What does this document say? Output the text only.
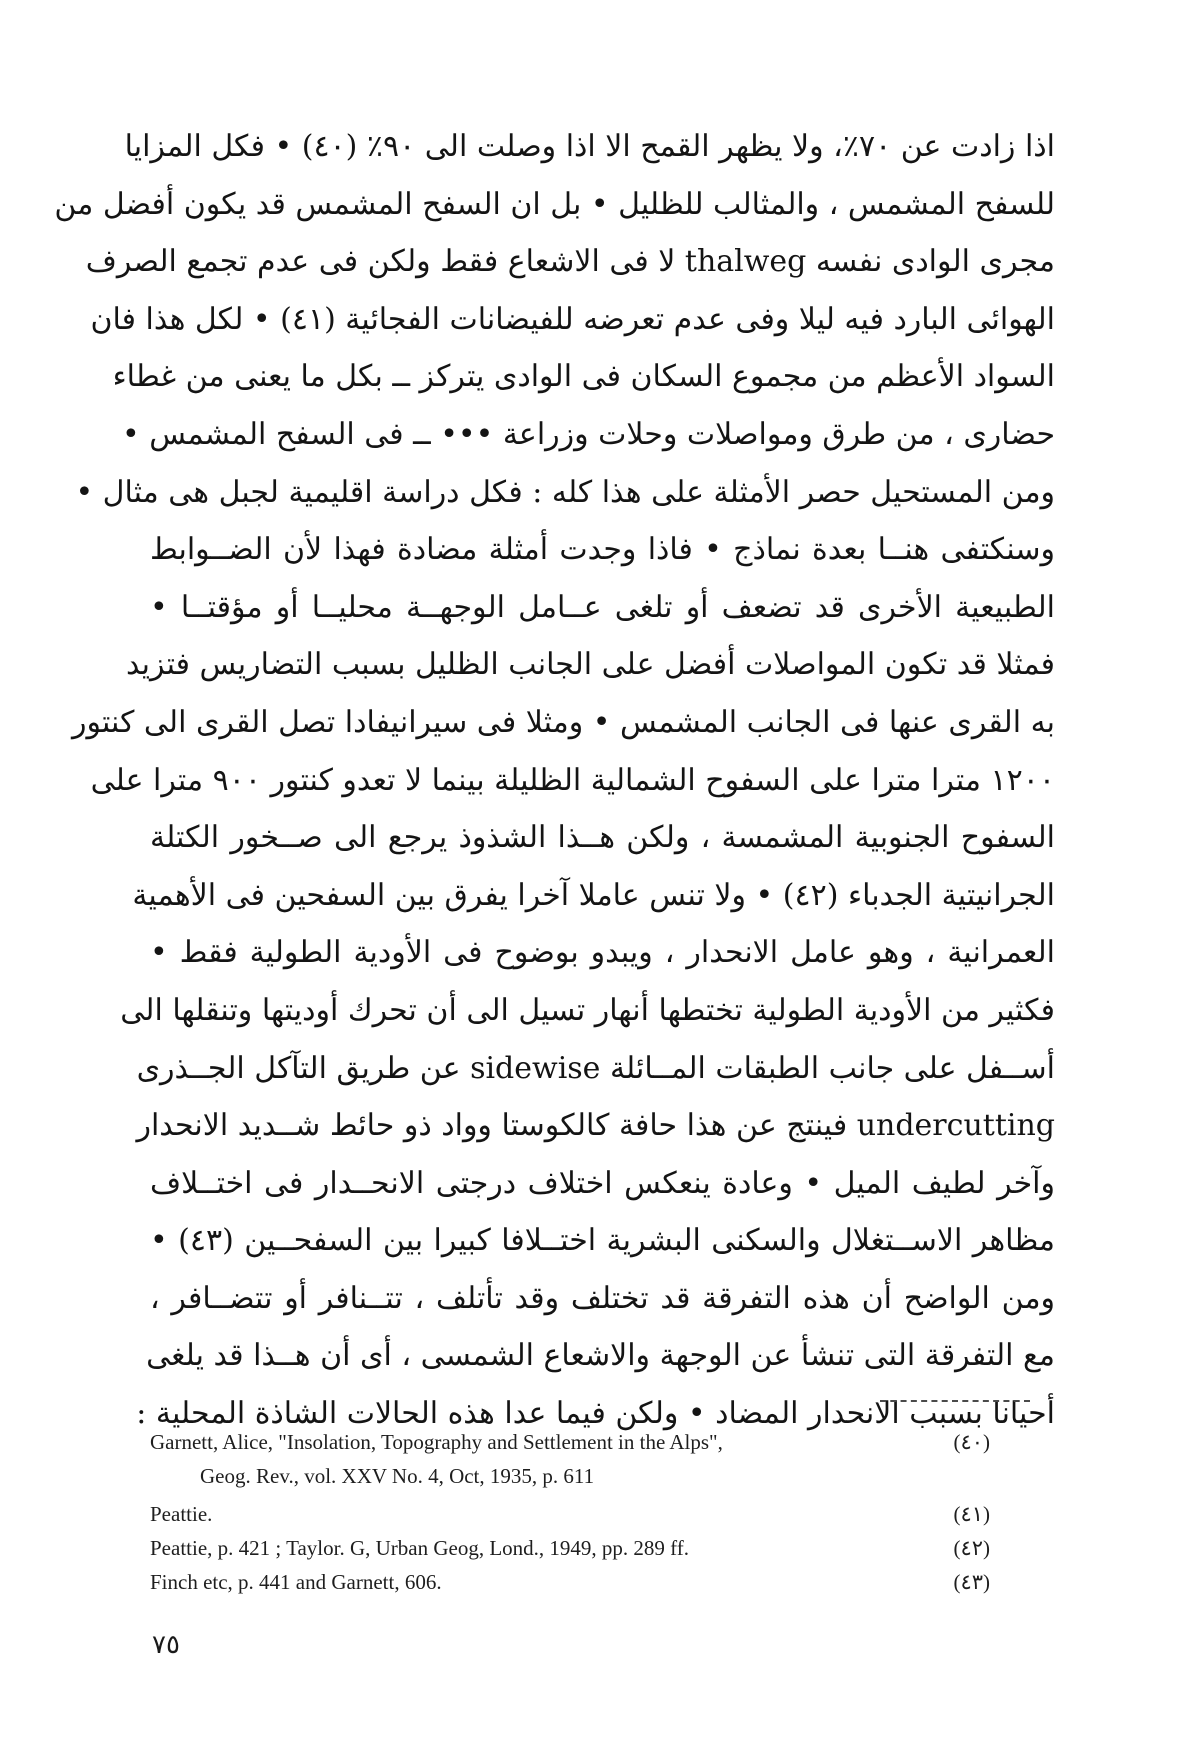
اذا زادت عن ٧٠٪، ولا يظهر القمح الا اذا وصلت الى ٩٠٪ (٤٠) • فكل المزايا
للسفح المشمس ، والمثالب للظليل • بل ان السفح المشمس قد يكون أفضل من
مجرى الوادى نفسه thalweg لا فى الاشعاع فقط ولكن فى عدم تجمع الصرف
الهوائى البارد فيه ليلا وفى عدم تعرضه للفيضانات الفجائية (٤١) • لكل هذا فان
السواد الأعظم من مجموع السكان فى الوادى يتركز ــ بكل ما يعنى من غطاء
حضارى ، من طرق ومواصلات وحلات وزراعة ••• ــ فى السفح المشمس •
ومن المستحيل حصر الأمثلة على هذا كله : فكل دراسة اقليمية لجبل هى مثال •
وسنكتفى هنــا بعدة نماذج • فاذا وجدت أمثلة مضادة فهذا لأن الضــوابط
الطبيعية الأخرى قد تضعف أو تلغى عــامل الوجهــة محليــا أو مؤقتــا •
فمثلا قد تكون المواصلات أفضل على الجانب الظليل بسبب التضاريس فتزيد
به القرى عنها فى الجانب المشمس • ومثلا فى سيرانيفادا تصل القرى الى كنتور
١٢٠٠ مترا مترا على السفوح الشمالية الظليلة بينما لا تعدو كنتور ٩٠٠ مترا على
السفوح الجنوبية المشمسة ، ولكن هــذا الشذوذ يرجع الى صــخور الكتلة
الجرانيتية الجدباء (٤٢) • ولا تنس عاملا آخرا يفرق بين السفحين فى الأهمية
العمرانية ، وهو عامل الانحدار ، ويبدو بوضوح فى الأودية الطولية فقط •
فكثير من الأودية الطولية تختطها أنهار تسيل الى أن تحرك أوديتها وتنقلها الى
أســفل على جانب الطبقات المــائلة sidewise عن طريق التآكل الجــذرى
undercutting فينتج عن هذا حافة كالكوستا وواد ذو حائط شــديد الانحدار
وآخر لطيف الميل • وعادة ينعكس اختلاف درجتى الانحــدار فى اختــلاف
مظاهر الاســتغلال والسكنى البشرية اختــلافا كبيرا بين السفحــين (٤٣) •
ومن الواضح أن هذه التفرقة قد تختلف وقد تأتلف ، تتــنافر أو تتضــافر ،
مع التفرقة التى تنشأ عن الوجهة والاشعاع الشمسى ، أى أن هــذا قد يلغى
أحيانا بسبب الانحدار المضاد • ولكن فيما عدا هذه الحالات الشاذة المحلية :
Garnett, Alice, "Insolation, Topography and Settlement in the Alps",	(٤٠)
Geog. Rev., vol. XXV No. 4, Oct, 1935, p. 611
Peattie.	(٤١)
Peattie, p. 421 ; Taylor. G, Urban Geog, Lond., 1949, pp. 289 ff.	(٤٢)
Finch etc, p. 441 and Garnett, 606.	(٤٣)
٧٥
